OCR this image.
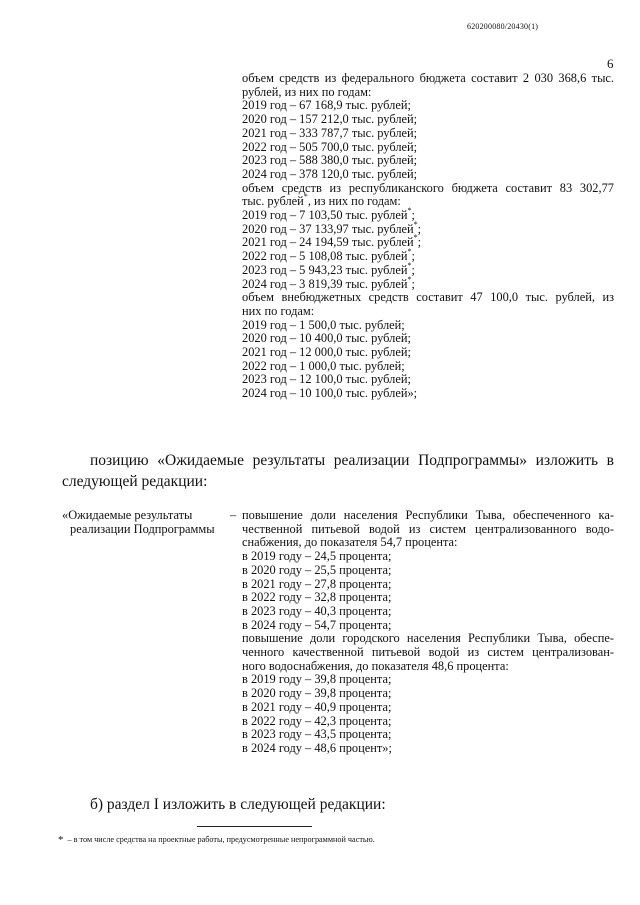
620200080/20430(1)
6
объем средств из федерального бюджета составит 2 030 368,6 тыс.
рублей, из них по годам:
2019 год – 67 168,9 тыс. рублей;
2020 год – 157 212,0 тыс. рублей;
2021 год – 333 787,7 тыс. рублей;
2022 год – 505 700,0 тыс. рублей;
2023 год – 588 380,0 тыс. рублей;
2024 год – 378 120,0 тыс. рублей;
объем средств из республиканского бюджета составит 83 302,77
тыс. рублей*, из них по годам:
2019 год – 7 103,50 тыс. рублей*;
2020 год – 37 133,97 тыс. рублей*;
2021 год – 24 194,59 тыс. рублей*;
2022 год – 5 108,08 тыс. рублей*;
2023 год – 5 943,23 тыс. рублей*;
2024 год – 3 819,39 тыс. рублей*;
объем внебюджетных средств составит 47 100,0 тыс. рублей, из
них по годам:
2019 год – 1 500,0 тыс. рублей;
2020 год – 10 400,0 тыс. рублей;
2021 год – 12 000,0 тыс. рублей;
2022 год – 1 000,0 тыс. рублей;
2023 год – 12 100,0 тыс. рублей;
2024 год – 10 100,0 тыс. рублей»;
позицию «Ожидаемые результаты реализации Подпрограммы» изложить в
следующей редакции:
«Ожидаемые результаты
реализации Подпрограммы
– повышение доли населения Республики Тыва, обеспеченного ка-
чественной питьевой водой из систем централизованного водо-
снабжения, до показателя 54,7 процента:
в 2019 году – 24,5 процента;
в 2020 году – 25,5 процента;
в 2021 году – 27,8 процента;
в 2022 году – 32,8 процента;
в 2023 году – 40,3 процента;
в 2024 году – 54,7 процента;
повышение доли городского населения Республики Тыва, обеспе-
ченного качественной питьевой водой из систем централизован-
ного водоснабжения, до показателя 48,6 процента:
в 2019 году – 39,8 процента;
в 2020 году – 39,8 процента;
в 2021 году – 40,9 процента;
в 2022 году – 42,3 процента;
в 2023 году – 43,5 процента;
в 2024 году – 48,6 процент»;
б) раздел I изложить в следующей редакции:
* – в том числе средства на проектные работы, предусмотренные непрограммной частью.
